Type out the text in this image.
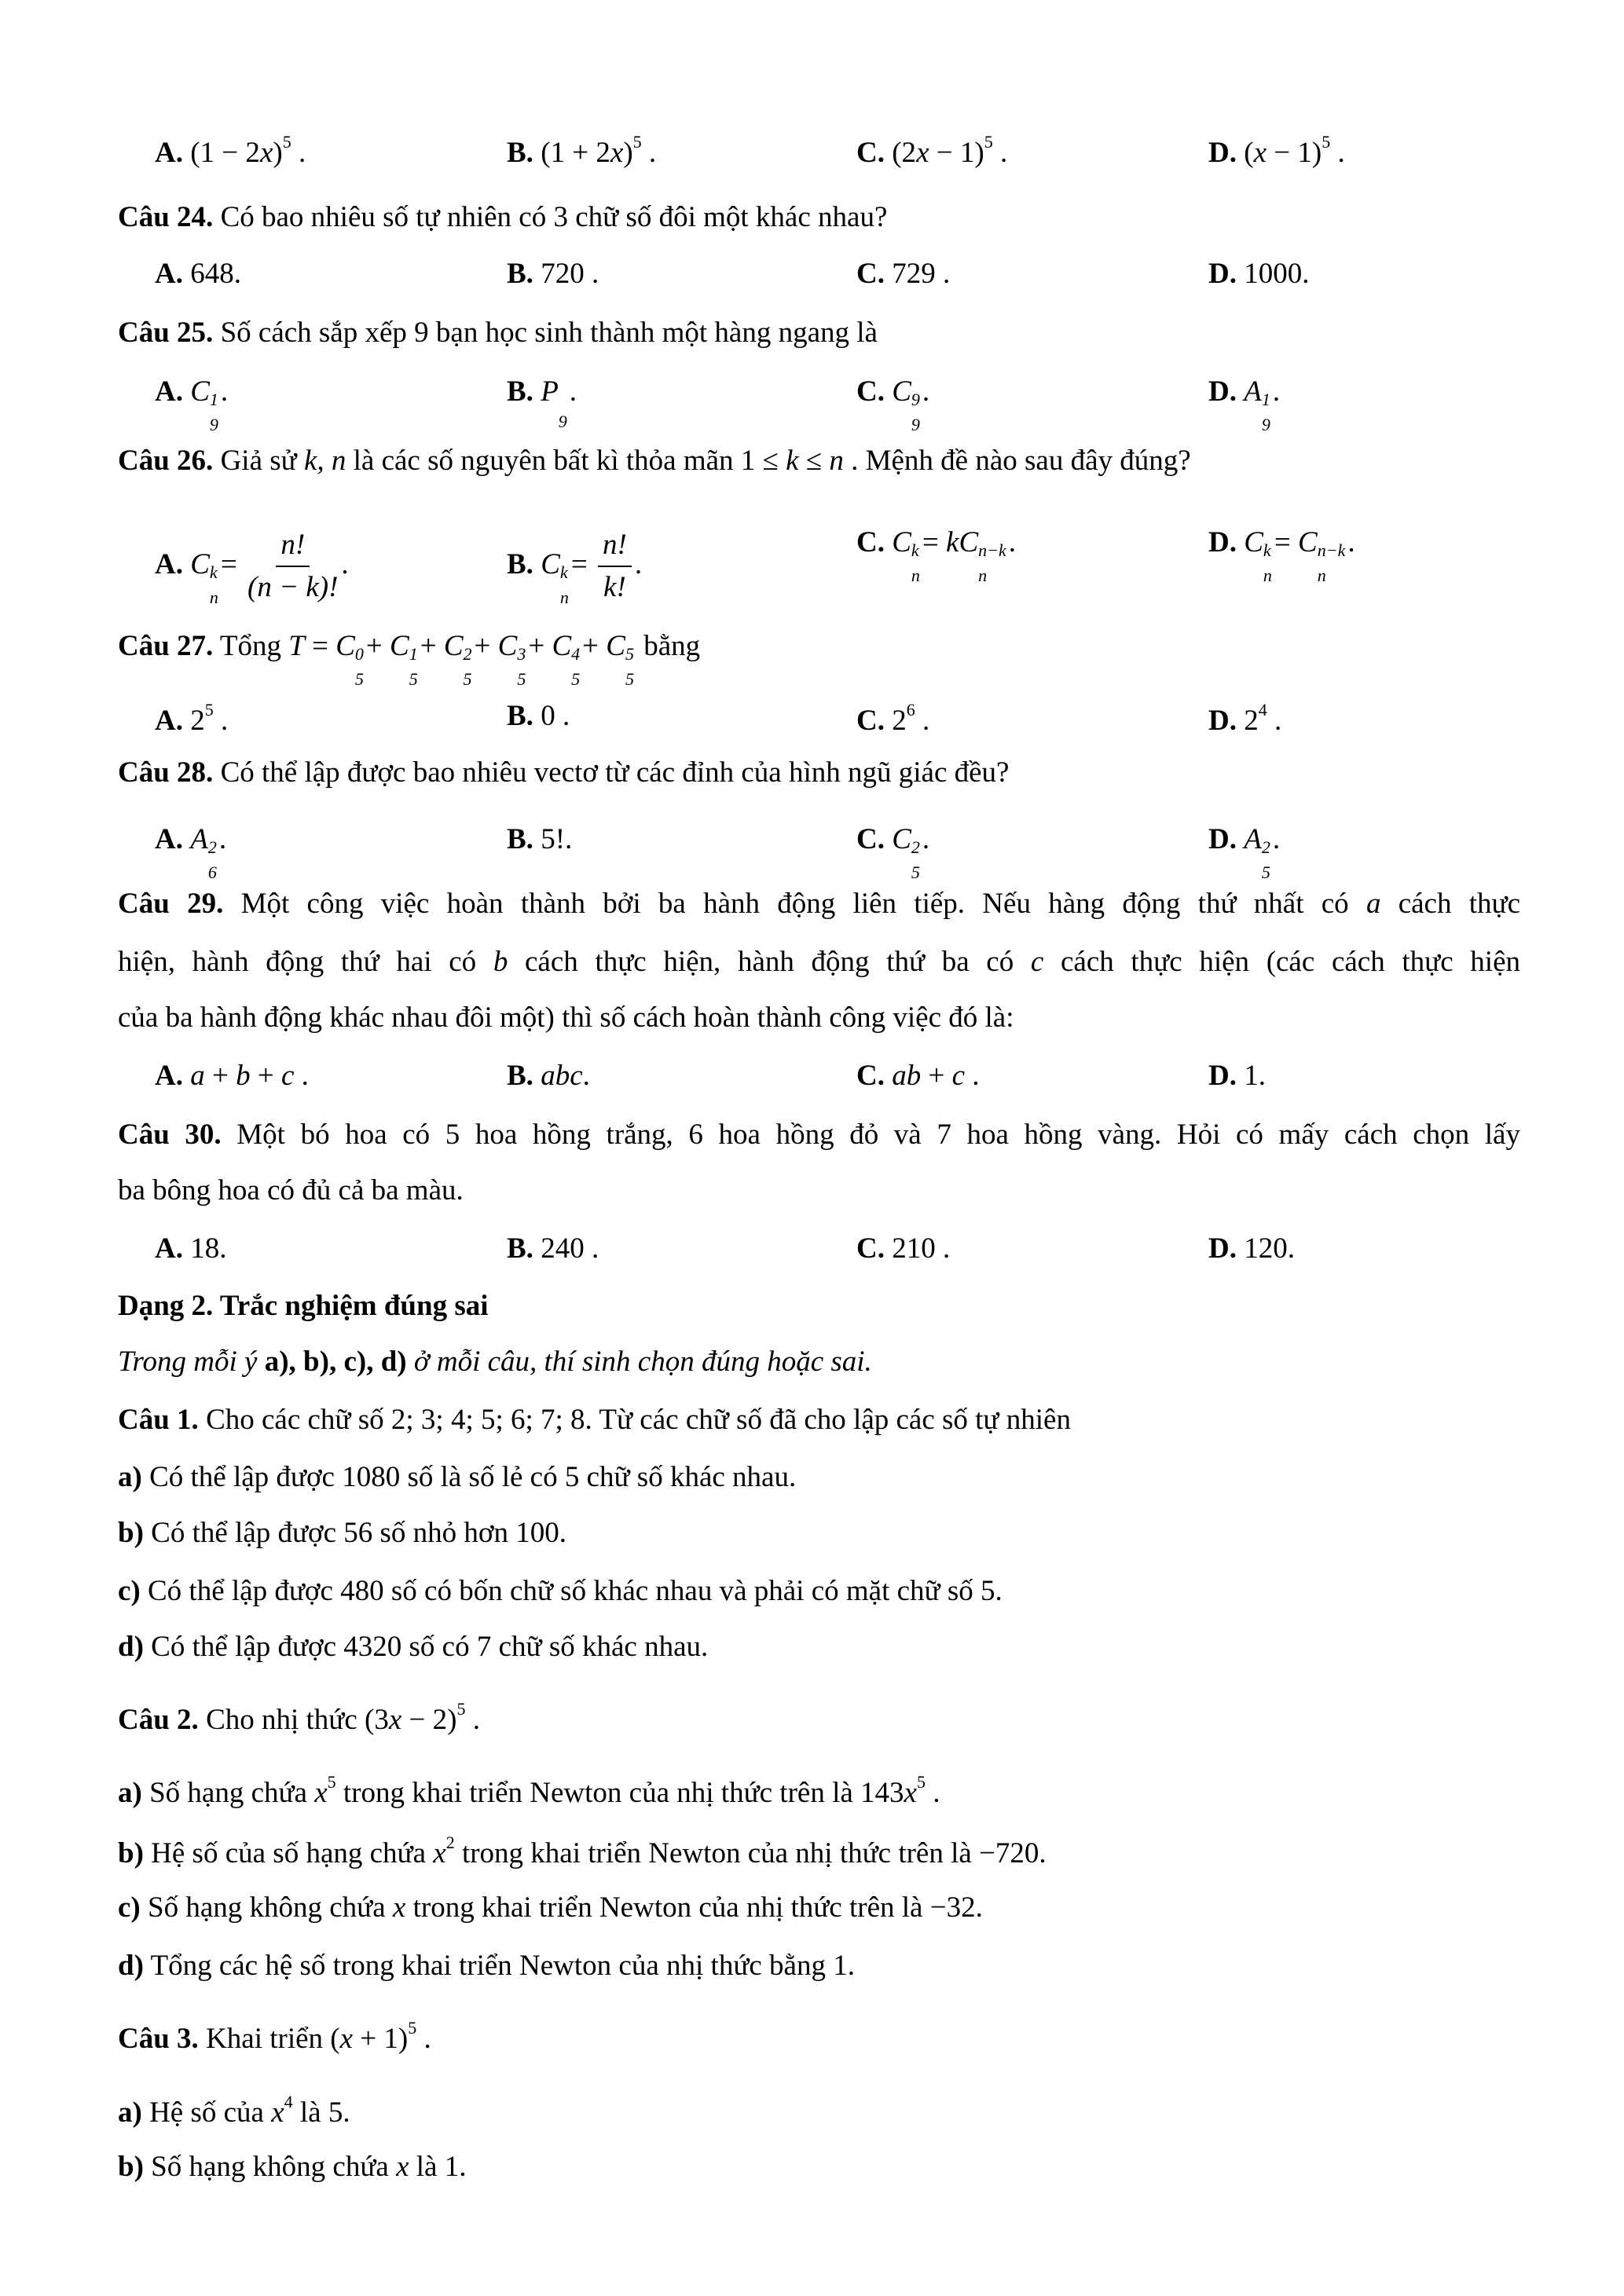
A. $(1 - 2x)^5$ .	B. $(1 + 2x)^5$ .	C. $(2x - 1)^5$ .	D. $(x - 1)^5$ .
Câu 24. Có bao nhiêu số tự nhiên có 3 chữ số đôi một khác nhau?
A. 648.	B. 720 .	C. 729 .	D. 1000.
Câu 25. Số cách sắp xếp 9 bạn học sinh thành một hàng ngang là
A. C 1
9
.	B. P
9
.	C. C 9
9
.	D. A 1
9
.
Câu 26. Giả sử k, n là các số nguyên bất kì thỏa mãn 1 ≤ k ≤ n . Mệnh đề nào sau đây đúng?
A. C k
n
= $\frac{n!}{(n - k)!}$ .	B. C k
n
= $\frac{n!}{k!}$ .
C. C k
n
= kC n−k
n
.	D. C k
n
= C n−k
n
.
Câu 27. Tổng T = C 0
5
+ C 1
5
+ C 2
5
+ C 3
5
+ C 4
5
+ C 5
5
bằng
A. $2^5$ .	B. 0 .	C. $2^6$ .	D. $2^4$ .
Câu 28. Có thể lập được bao nhiêu vectơ từ các đỉnh của hình ngũ giác đều?
A. A 2
6
.	B. 5!.	C. C 2
5
.	D. A 2
5
.
Câu 29. Một công việc hoàn thành bởi ba hành động liên tiếp. Nếu hàng động thứ nhất có a cách thực
hiện, hành động thứ hai có b cách thực hiện, hành động thứ ba có c cách thực hiện (các cách thực hiện
của ba hành động khác nhau đôi một) thì số cách hoàn thành công việc đó là:
A. a + b + c .	B. abc.	C. ab + c .	D. 1.
Câu 30. Một bó hoa có 5 hoa hồng trắng, 6 hoa hồng đỏ và 7 hoa hồng vàng. Hỏi có mấy cách chọn lấy
ba bông hoa có đủ cả ba màu.
A. 18.	B. 240 .	C. 210 .	D. 120.
Dạng 2. Trắc nghiệm đúng sai
Trong mỗi ý a), b), c), d) ở mỗi câu, thí sinh chọn đúng hoặc sai.
Câu 1. Cho các chữ số 2; 3; 4; 5; 6; 7; 8. Từ các chữ số đã cho lập các số tự nhiên
a) Có thể lập được 1080 số là số lẻ có 5 chữ số khác nhau.
b) Có thể lập được 56 số nhỏ hơn 100.
c) Có thể lập được 480 số có bốn chữ số khác nhau và phải có mặt chữ số 5.
d) Có thể lập được 4320 số có 7 chữ số khác nhau.
Câu 2. Cho nhị thức $(3x - 2)^5$ .
a) Số hạng chứa $x^5$ trong khai triển Newton của nhị thức trên là $143x^5$ .
b) Hệ số của số hạng chứa $x^2$ trong khai triển Newton của nhị thức trên là −720.
c) Số hạng không chứa x trong khai triển Newton của nhị thức trên là −32.
d) Tổng các hệ số trong khai triển Newton của nhị thức bằng 1.
Câu 3. Khai triển $(x + 1)^5$ .
a) Hệ số của $x^4$ là 5.
b) Số hạng không chứa x là 1.
